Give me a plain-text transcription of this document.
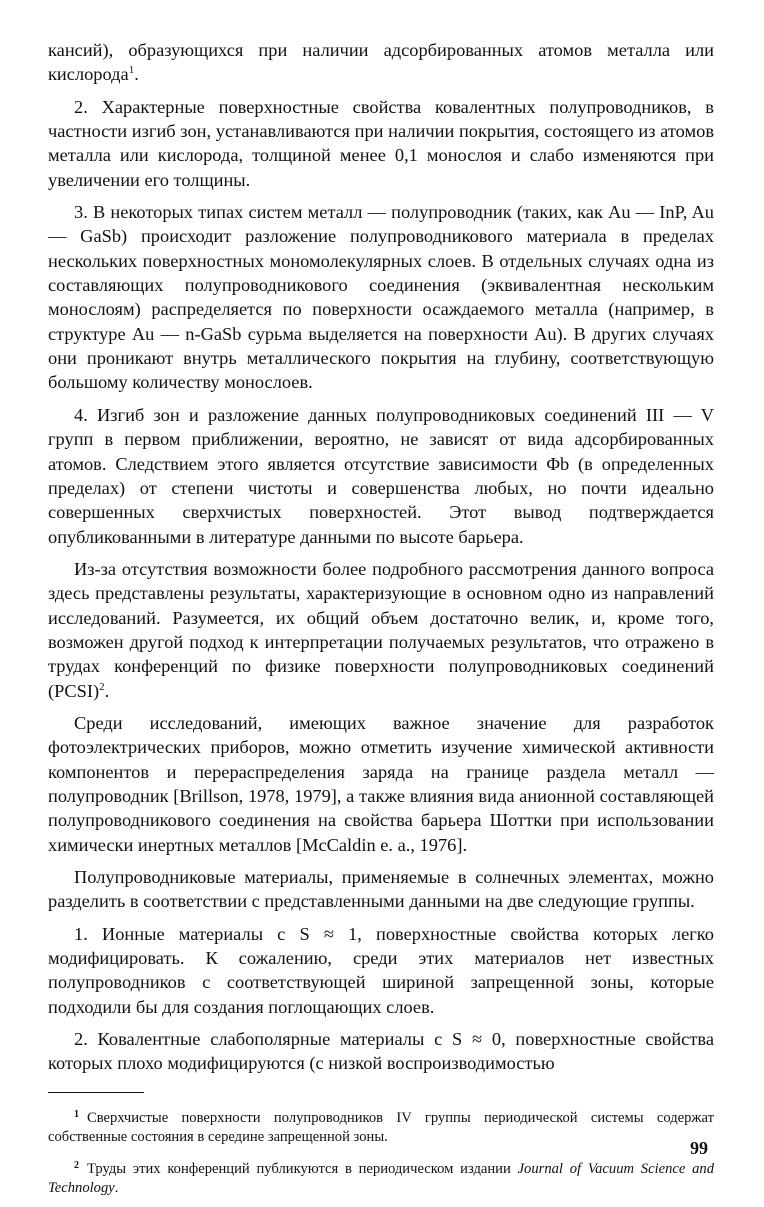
кансий), образующихся при наличии адсорбированных атомов металла или кислорода$^1$.

2. Характерные поверхностные свойства ковалентных полупроводников, в частности изгиб зон, устанавливаются при наличии покрытия, состоящего из атомов металла или кислорода, толщиной менее 0,1 монослоя и слабо изменяются при увеличении его толщины.

3. В некоторых типах систем металл — полупроводник (таких, как Au — InP, Au — GaSb) происходит разложение полупроводникового материала в пределах нескольких поверхностных мономолекулярных слоев. В отдельных случаях одна из составляющих полупроводникового соединения (эквивалентная нескольким монослоям) распределяется по поверхности осаждаемого металла (например, в структуре Au — n-GaSb сурьма выделяется на поверхности Au). В других случаях они проникают внутрь металлического покрытия на глубину, соответствующую большому количеству монослоев.

4. Изгиб зон и разложение данных полупроводниковых соединений III — V групп в первом приближении, вероятно, не зависят от вида адсорбированных атомов. Следствием этого является отсутствие зависимости Φb (в определенных пределах) от степени чистоты и совершенства любых, но почти идеально совершенных сверхчистых поверхностей. Этот вывод подтверждается опубликованными в литературе данными по высоте барьера.

Из-за отсутствия возможности более подробного рассмотрения данного вопроса здесь представлены результаты, характеризующие в основном одно из направлений исследований. Разумеется, их общий объем достаточно велик, и, кроме того, возможен другой подход к интерпретации получаемых результатов, что отражено в трудах конференций по физике поверхности полупроводниковых соединений (PCSI)$^2$.

Среди исследований, имеющих важное значение для разработок фотоэлектрических приборов, можно отметить изучение химической активности компонентов и перераспределения заряда на границе раздела металл — полупроводник [Brillson, 1978, 1979], а также влияния вида анионной составляющей полупроводникового соединения на свойства барьера Шоттки при использовании химически инертных металлов [McCaldin e. a., 1976].

Полупроводниковые материалы, применяемые в солнечных элементах, можно разделить в соответствии с представленными данными на две следующие группы.

1. Ионные материалы с S ≈ 1, поверхностные свойства которых легко модифицировать. К сожалению, среди этих материалов нет известных полупроводников с соответствующей шириной запрещенной зоны, которые подходили бы для создания поглощающих слоев.

2. Ковалентные слабополярные материалы с S ≈ 0, поверхностные свойства которых плохо модифицируются (с низкой воспроизводимостью

$^1$ Сверхчистые поверхности полупроводников IV группы периодической системы содержат собственные состояния в середине запрещенной зоны.

$^2$ Труды этих конференций публикуются в периодическом издании Journal of Vacuum Science and Technology.

99
